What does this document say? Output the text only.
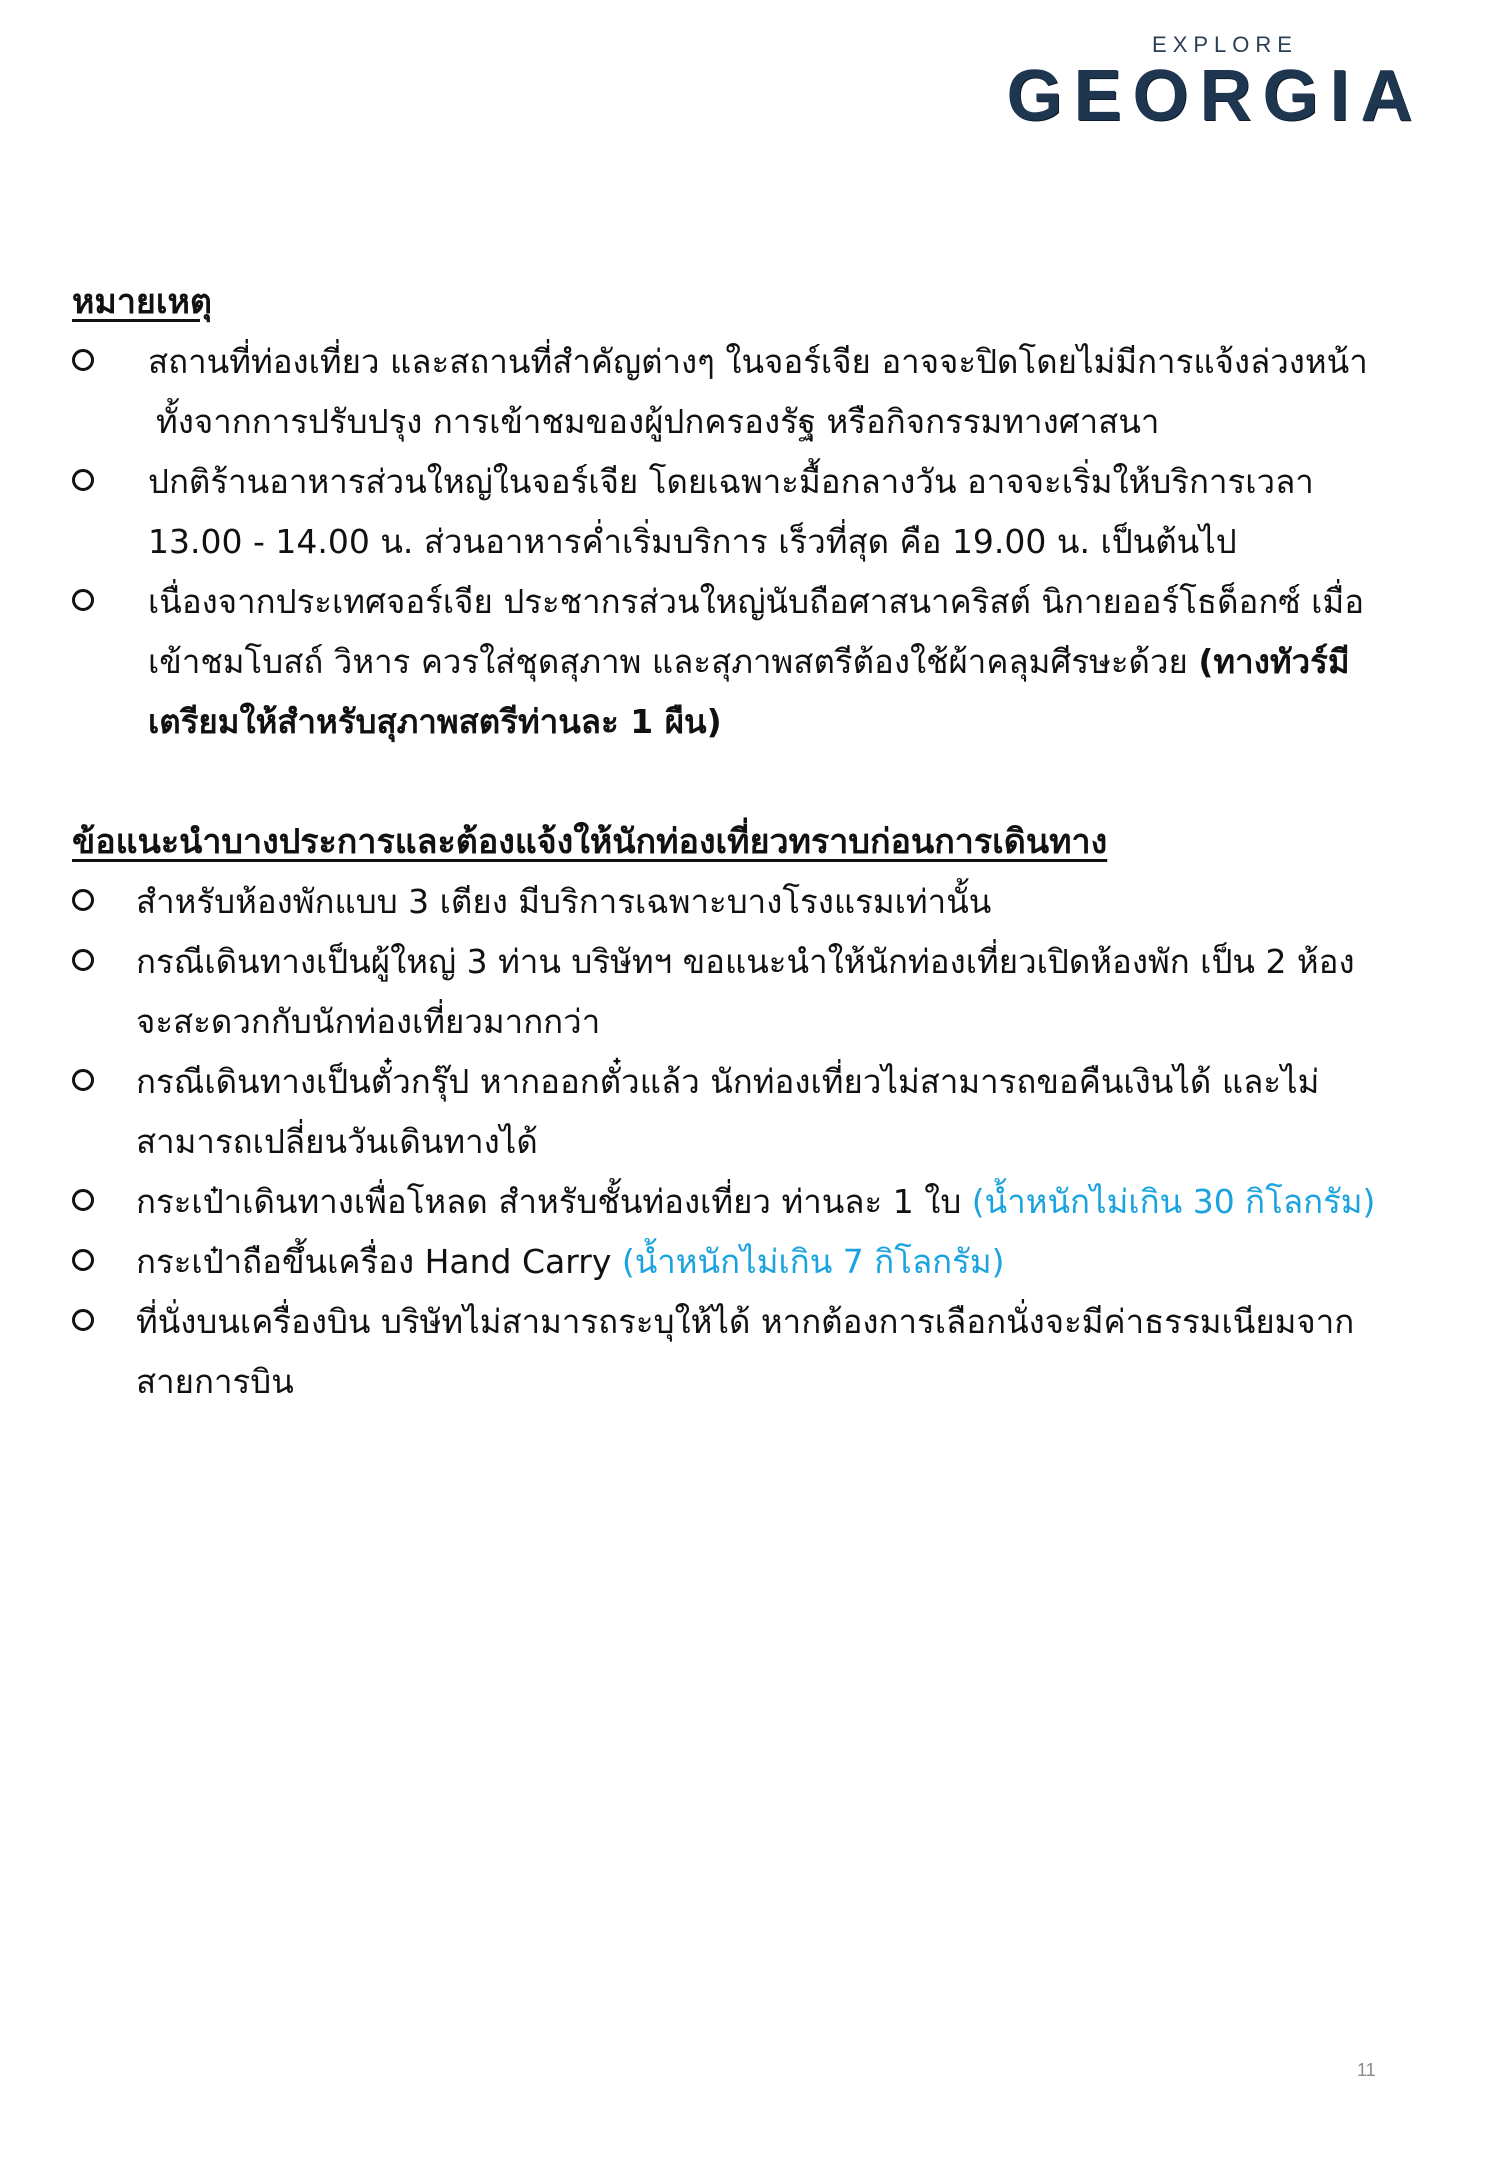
EXPLORE
GEORGIA
หมายเหตุ
สถานที่ท่องเที่ยว และสถานที่สำคัญต่างๆ ในจอร์เจีย อาจจะปิดโดยไม่มีการแจ้งล่วงหน้า
ทั้งจากการปรับปรุง การเข้าชมของผู้ปกครองรัฐ หรือกิจกรรมทางศาสนา
ปกติร้านอาหารส่วนใหญ่ในจอร์เจีย โดยเฉพาะมื้อกลางวัน อาจจะเริ่มให้บริการเวลา
13.00 - 14.00 น. ส่วนอาหารค่ำเริ่มบริการ เร็วที่สุด คือ 19.00 น. เป็นต้นไป
เนื่องจากประเทศจอร์เจีย ประชากรส่วนใหญ่นับถือศาสนาคริสต์ นิกายออร์โธด็อกซ์ เมื่อ
เข้าชมโบสถ์ วิหาร ควรใส่ชุดสุภาพ และสุภาพสตรีต้องใช้ผ้าคลุมศีรษะด้วย (ทางทัวร์มี
เตรียมให้สำหรับสุภาพสตรีท่านละ 1 ผืน)
ข้อแนะนำบางประการและต้องแจ้งให้นักท่องเที่ยวทราบก่อนการเดินทาง
สำหรับห้องพักแบบ 3 เตียง มีบริการเฉพาะบางโรงแรมเท่านั้น
กรณีเดินทางเป็นผู้ใหญ่ 3 ท่าน บริษัทฯ ขอแนะนำให้นักท่องเที่ยวเปิดห้องพัก เป็น 2 ห้อง
จะสะดวกกับนักท่องเที่ยวมากกว่า
กรณีเดินทางเป็นตั๋วกรุ๊ป หากออกตั๋วแล้ว นักท่องเที่ยวไม่สามารถขอคืนเงินได้ และไม่
สามารถเปลี่ยนวันเดินทางได้
กระเป๋าเดินทางเพื่อโหลด สำหรับชั้นท่องเที่ยว ท่านละ 1 ใบ (น้ำหนักไม่เกิน 30 กิโลกรัม)
กระเป๋าถือขึ้นเครื่อง Hand Carry (น้ำหนักไม่เกิน 7 กิโลกรัม)
ที่นั่งบนเครื่องบิน บริษัทไม่สามารถระบุให้ได้ หากต้องการเลือกนั่งจะมีค่าธรรมเนียมจาก
สายการบิน
11
